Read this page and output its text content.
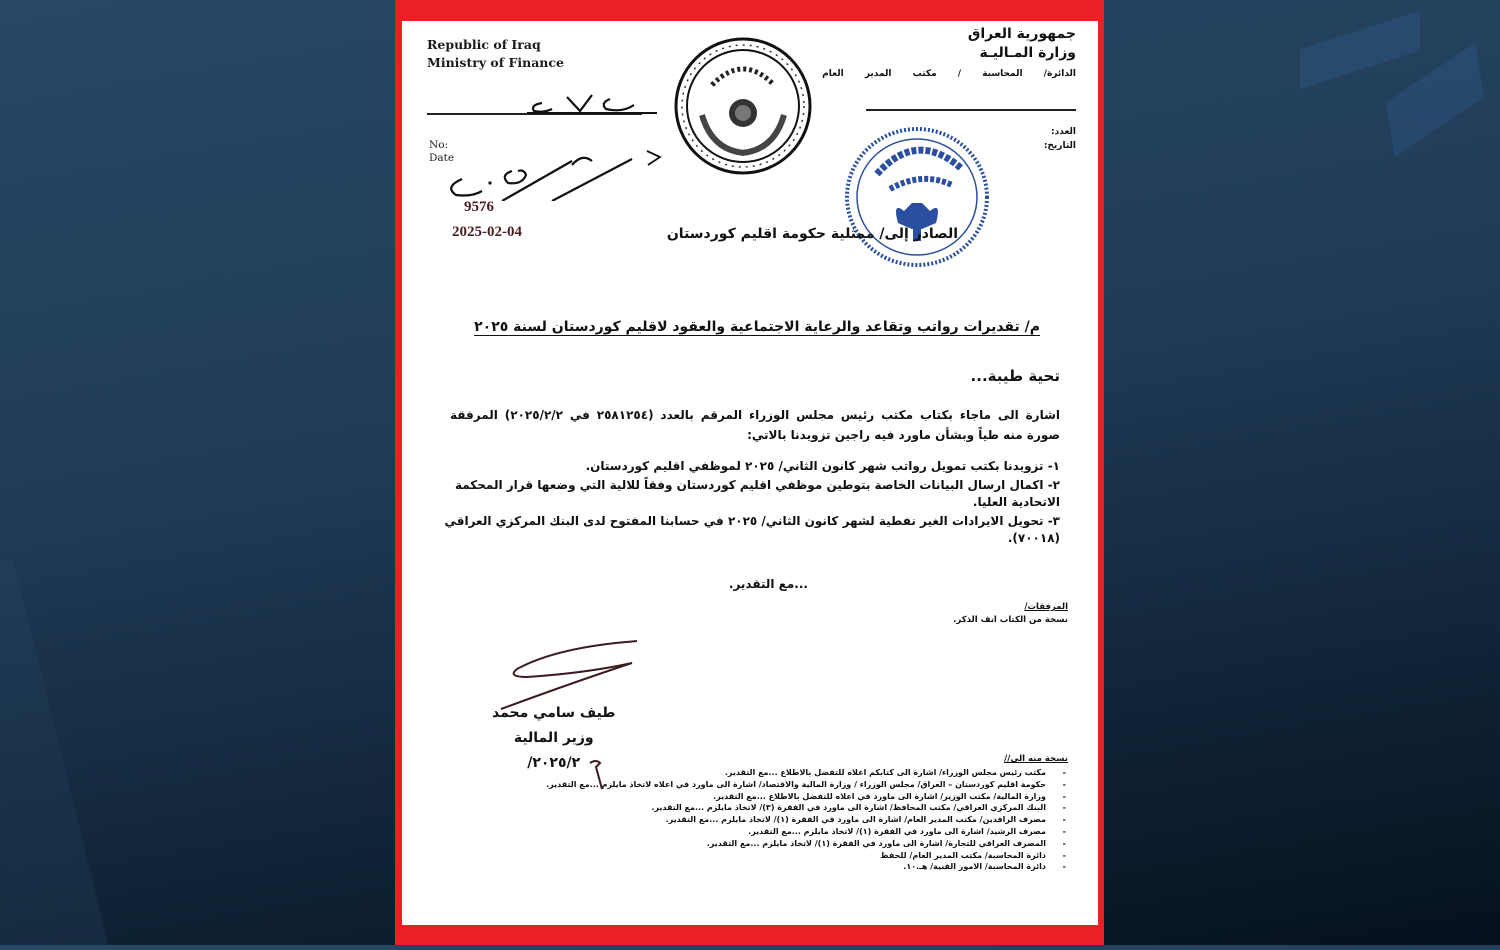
Republic of Iraq
Ministry of Finance
No:
Date
9576
2025-02-04
جمهورية العراق
وزارة المـاليـة
الدائرة/ المحاسبة / مكتب المدير العام
العدد:
التاريخ:
الصادر إلى/ ممثلية حكومة اقليم كوردستان
م/ تقديرات رواتب وتقاعد والرعاية الاجتماعية والعقود لاقليم كوردستان لسنة ٢٠٢٥
تحية طيبة...
اشارة الى ماجاء بكتاب مكتب رئيس مجلس الوزراء المرقم بالعدد (٢٥٨١٢٥٤ في ٢٠٢٥/٢/٢) المرفقة صورة منه طياً وبشأن ماورد فيه راجين تزويدنا بالاتي:
١- تزويدنا بكتب تمويل رواتب شهر كانون الثاني/ ٢٠٢٥ لموظفي اقليم كوردستان.
٢- اكمال ارسال البيانات الخاصة بتوطين موظفي اقليم كوردستان وفقاً للالية التي وضعها قرار المحكمة الاتحادية العليا.
٣- تحويل الايرادات الغير نفطية لشهر كانون الثاني/ ٢٠٢٥ في حسابنا المفتوح لدى البنك المركزي العراقي (٧٠٠١٨).
...مع التقدير.
المرفقات/
نسخة من الكتاب انف الذكر.
طيف سامي محمد
وزير المالية
٢٠٢٥/٢/	نسخة منه الى//
- مكتب رئيس مجلس الوزراء/ اشارة الى كتابكم اعلاه للتفضل بالاطلاع ...مع التقدير.
- حكومة اقليم كوردستان – العراق/ مجلس الوزراء / وزارة المالية والاقتصاد/ اشارة الى ماورد في اعلاه لاتخاذ مايلزم ...مع التقدير.
- وزارة المالية/ مكتب الوزير/ اشارة الى ماورد في اعلاه للتفضل بالاطلاع ...مع التقدير.
- البنك المركزي العراقي/ مكتب المحافظ/ اشارة الى ماورد في الفقرة (٣)/ لاتخاذ مايلزم ...مع التقدير.
- مصرف الرافدين/ مكتب المدير العام/ اشارة الى ماورد في الفقرة (١)/ لاتخاذ مايلزم ...مع التقدير.
- مصرف الرشيد/ اشارة الى ماورد في الفقرة (١)/ لاتخاذ مايلزم ...مع التقدير.
- المصرف العراقي للتجارة/ اشارة الى ماورد في الفقرة (١)/ لاتخاذ مايلزم ...مع التقدير.
- دائرة المحاسبة/ مكتب المدير العام/ للحفظ
- دائرة المحاسبة/ الامور الفنية/ هـ.١٠.
